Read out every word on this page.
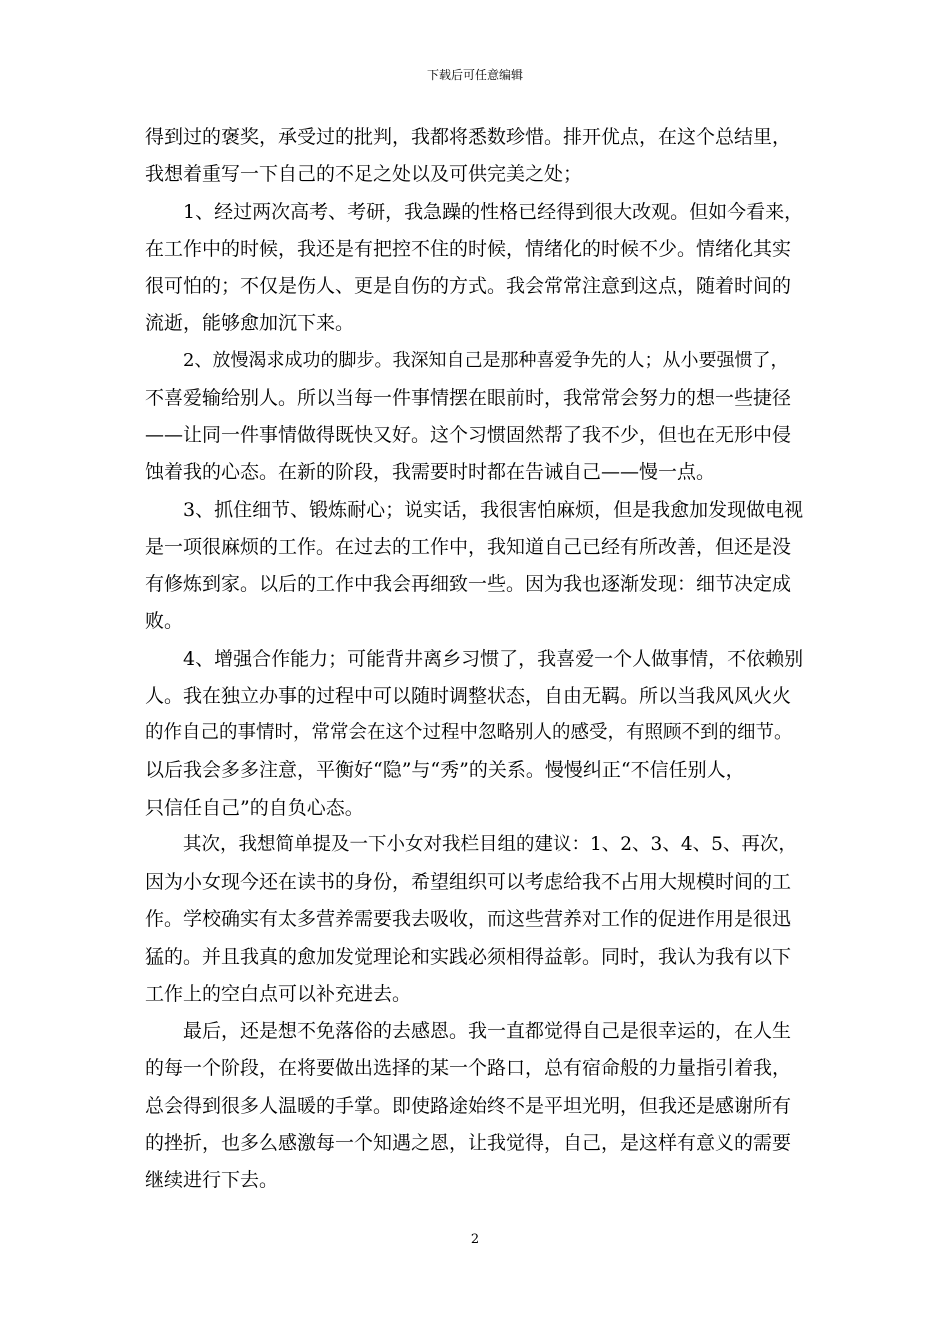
下载后可任意编辑
得到过的褒奖，承受过的批判，我都将悉数珍惜。排开优点，在这个总结里，
我想着重写一下自己的不足之处以及可供完美之处；
1、经过两次高考、考研，我急躁的性格已经得到很大改观。但如今看来，
在工作中的时候，我还是有把控不住的时候，情绪化的时候不少。情绪化其实
很可怕的；不仅是伤人、更是自伤的方式。我会常常注意到这点，随着时间的
流逝，能够愈加沉下来。
2、放慢渴求成功的脚步。我深知自己是那种喜爱争先的人；从小要强惯了，
不喜爱输给别人。所以当每一件事情摆在眼前时，我常常会努力的想一些捷径
——让同一件事情做得既快又好。这个习惯固然帮了我不少，但也在无形中侵
蚀着我的心态。在新的阶段，我需要时时都在告诫自己——慢一点。
3、抓住细节、锻炼耐心；说实话，我很害怕麻烦，但是我愈加发现做电视
是一项很麻烦的工作。在过去的工作中，我知道自己已经有所改善，但还是没
有修炼到家。以后的工作中我会再细致一些。因为我也逐渐发现：细节决定成
败。
4、增强合作能力；可能背井离乡习惯了，我喜爱一个人做事情，不依赖别
人。我在独立办事的过程中可以随时调整状态，自由无羁。所以当我风风火火
的作自己的事情时，常常会在这个过程中忽略别人的感受，有照顾不到的细节。
以后我会多多注意，平衡好“隐”与“秀”的关系。慢慢纠正“不信任别人，
只信任自己”的自负心态。
其次，我想简单提及一下小女对我栏目组的建议：1、2、3、4、5、再次，
因为小女现今还在读书的身份，希望组织可以考虑给我不占用大规模时间的工
作。学校确实有太多营养需要我去吸收，而这些营养对工作的促进作用是很迅
猛的。并且我真的愈加发觉理论和实践必须相得益彰。同时，我认为我有以下
工作上的空白点可以补充进去。
最后，还是想不免落俗的去感恩。我一直都觉得自己是很幸运的，在人生
的每一个阶段，在将要做出选择的某一个路口，总有宿命般的力量指引着我，
总会得到很多人温暖的手掌。即使路途始终不是平坦光明，但我还是感谢所有
的挫折，也多么感激每一个知遇之恩，让我觉得，自己，是这样有意义的需要
继续进行下去。
2
